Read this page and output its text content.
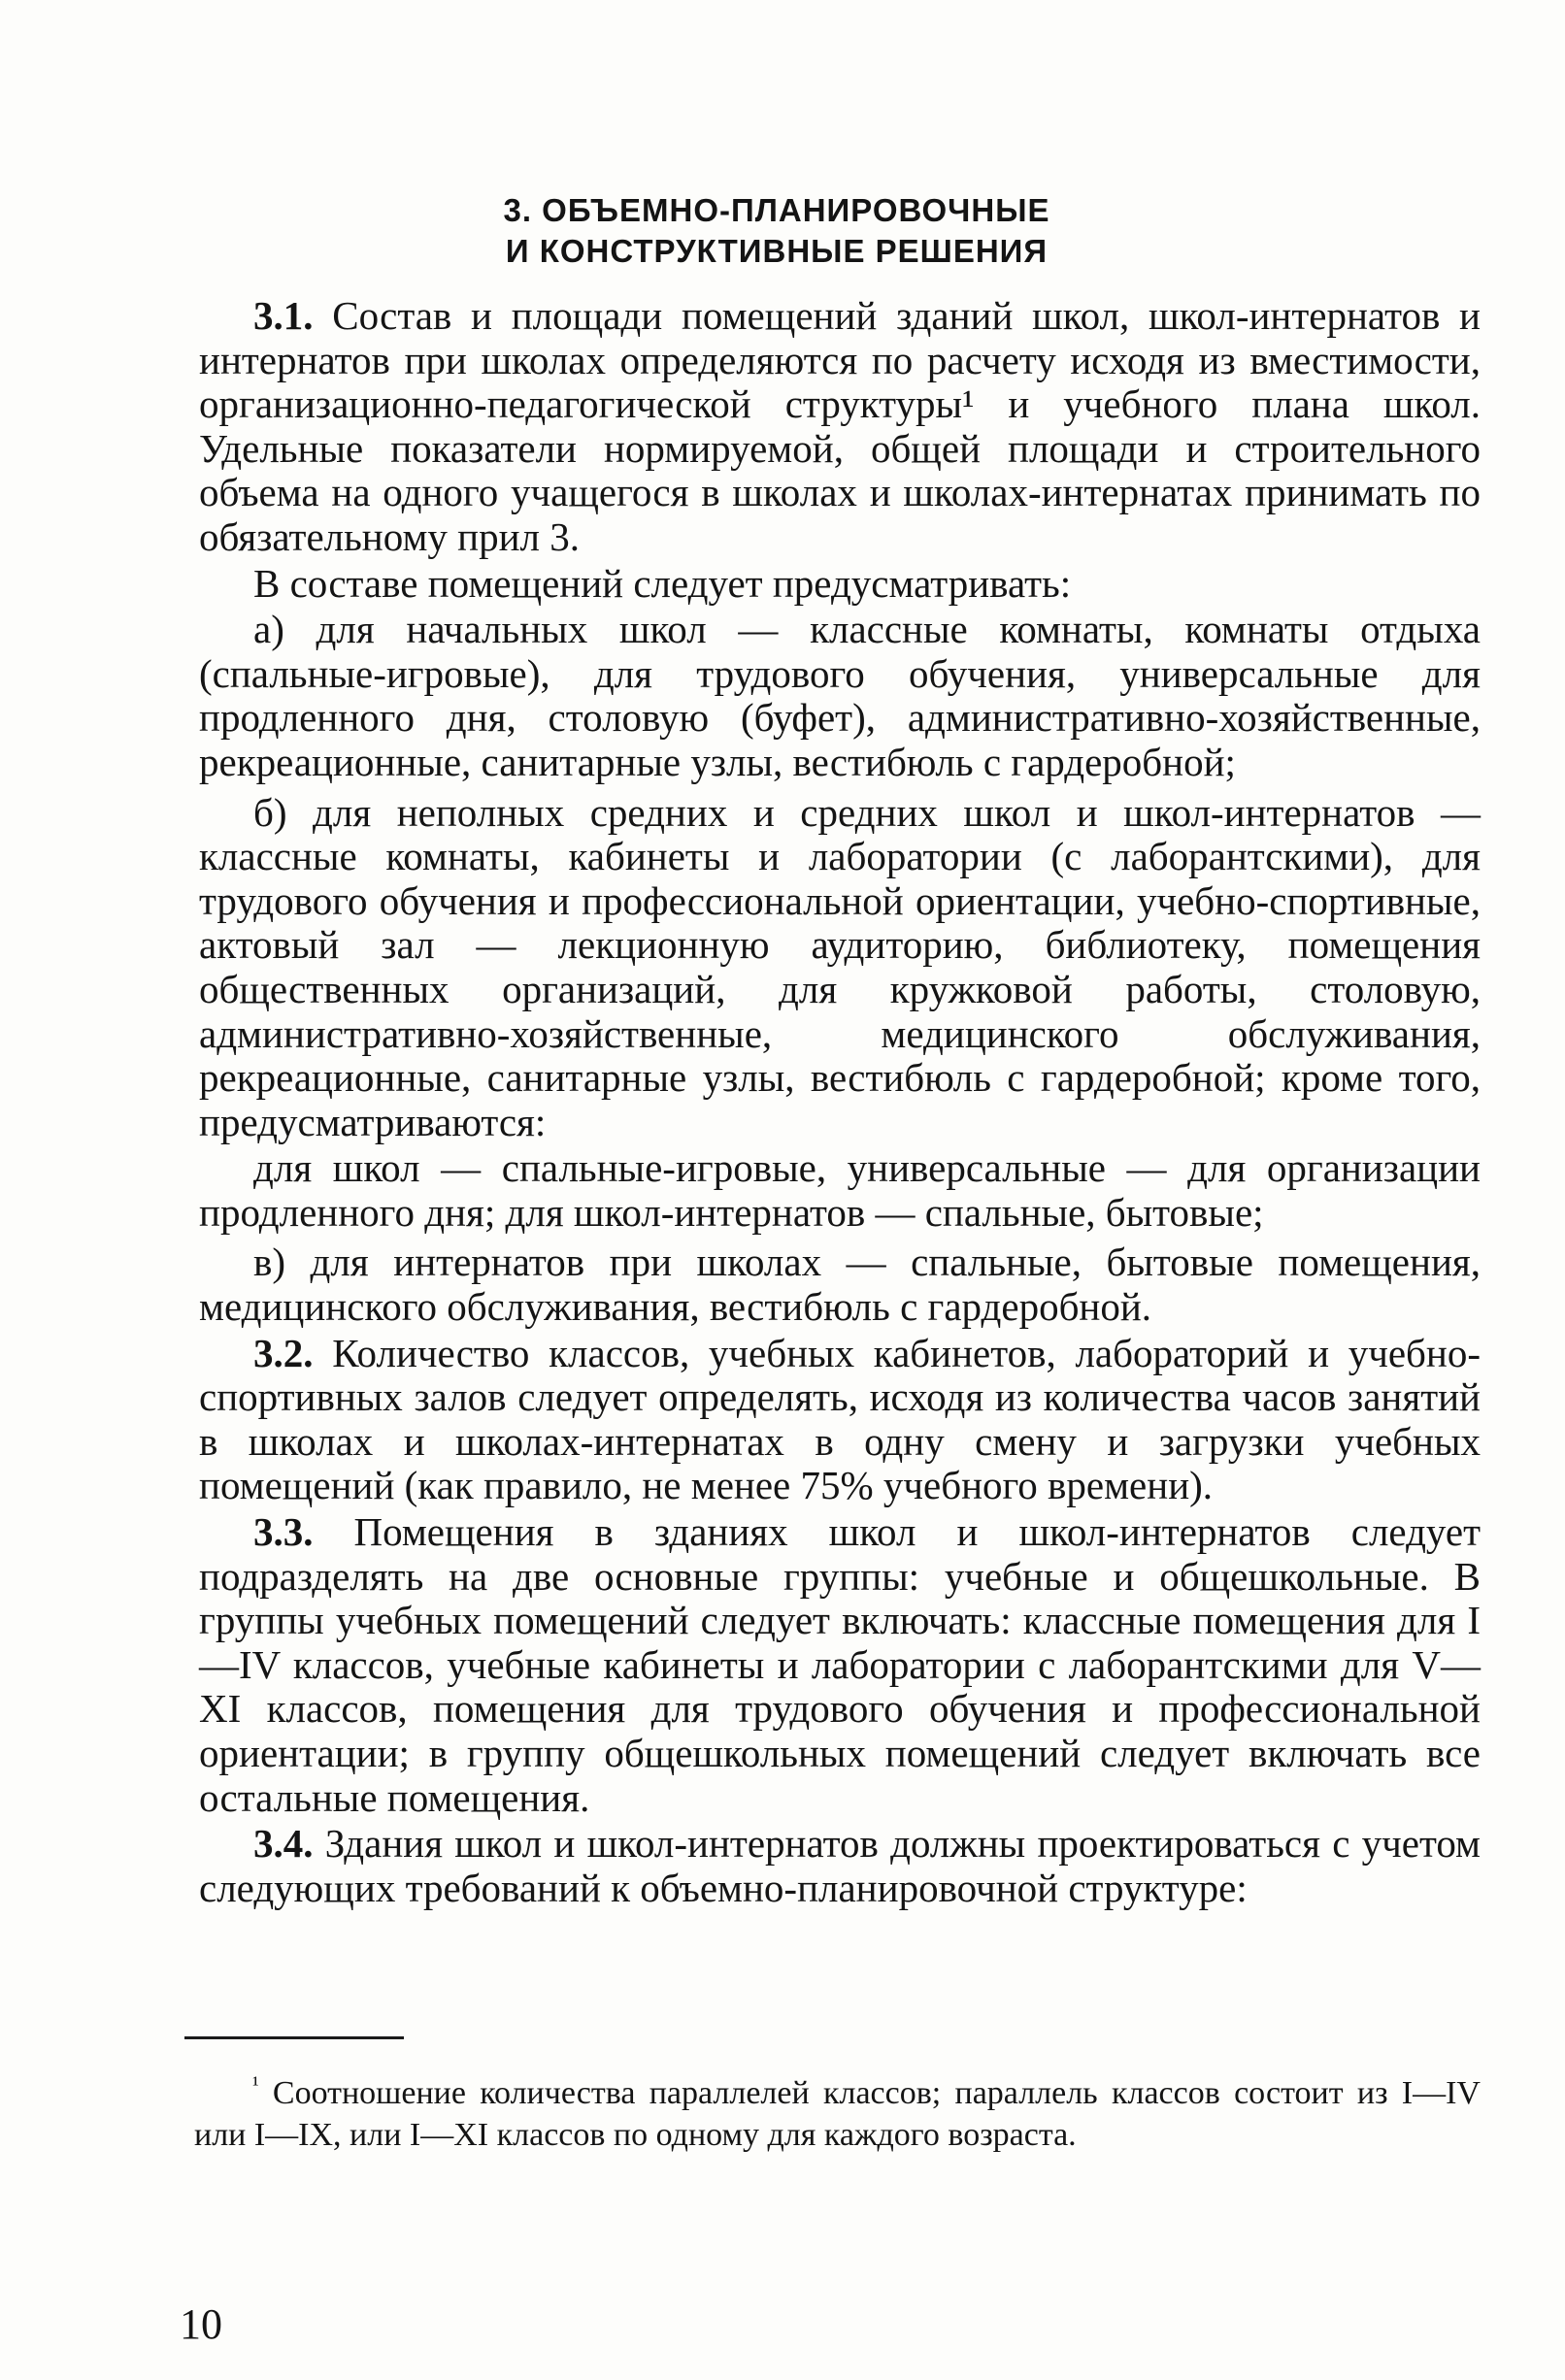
3. ОБЪЕМНО-ПЛАНИРОВОЧНЫЕ
И КОНСТРУКТИВНЫЕ РЕШЕНИЯ

3.1. Состав и площади помещений зданий школ, школ-интернатов и интернатов при школах определяются по расчету исходя из вместимости, организационно-педагогической структуры¹ и учебного плана школ. Удельные показатели нормируемой, общей площади и строительного объема на одного учащегося в школах и школах-интернатах принимать по обязательному прил 3.

В составе помещений следует предусматривать:

а) для начальных школ — классные комнаты, комнаты отдыха (спальные-игровые), для трудового обучения, универсальные для продленного дня, столовую (буфет), административно-хозяйственные, рекреационные, санитарные узлы, вестибюль с гардеробной;

б) для неполных средних и средних школ и школ-интернатов — классные комнаты, кабинеты и лаборатории (с лаборантскими), для трудового обучения и профессиональной ориентации, учебно-спортивные, актовый зал — лекционную аудиторию, библиотеку, помещения общественных организаций, для кружковой работы, столовую, административно-хозяйственные, медицинского обслуживания, рекреационные, санитарные узлы, вестибюль с гардеробной; кроме того, предусматриваются:

для школ — спальные-игровые, универсальные — для организации продленного дня; для школ-интернатов — спальные, бытовые;

в) для интернатов при школах — спальные, бытовые помещения, медицинского обслуживания, вестибюль с гардеробной.

3.2. Количество классов, учебных кабинетов, лабораторий и учебно-спортивных залов следует определять, исходя из количества часов занятий в школах и школах-интернатах в одну смену и загрузки учебных помещений (как правило, не менее 75% учебного времени).

3.3. Помещения в зданиях школ и школ-интернатов следует подразделять на две основные группы: учебные и общешкольные. В группы учебных помещений следует включать: классные помещения для I—IV классов, учебные кабинеты и лаборатории с лаборантскими для V—XI классов, помещения для трудового обучения и профессиональной ориентации; в группу общешкольных помещений следует включать все остальные помещения.

3.4. Здания школ и школ-интернатов должны проектироваться с учетом следующих требований к объемно-планировочной структуре:

$^{^1}$ Соотношение количества параллелей классов; параллель классов состоит из I—IV или I—IX, или I—XI классов по одному для каждого возраста.
10
